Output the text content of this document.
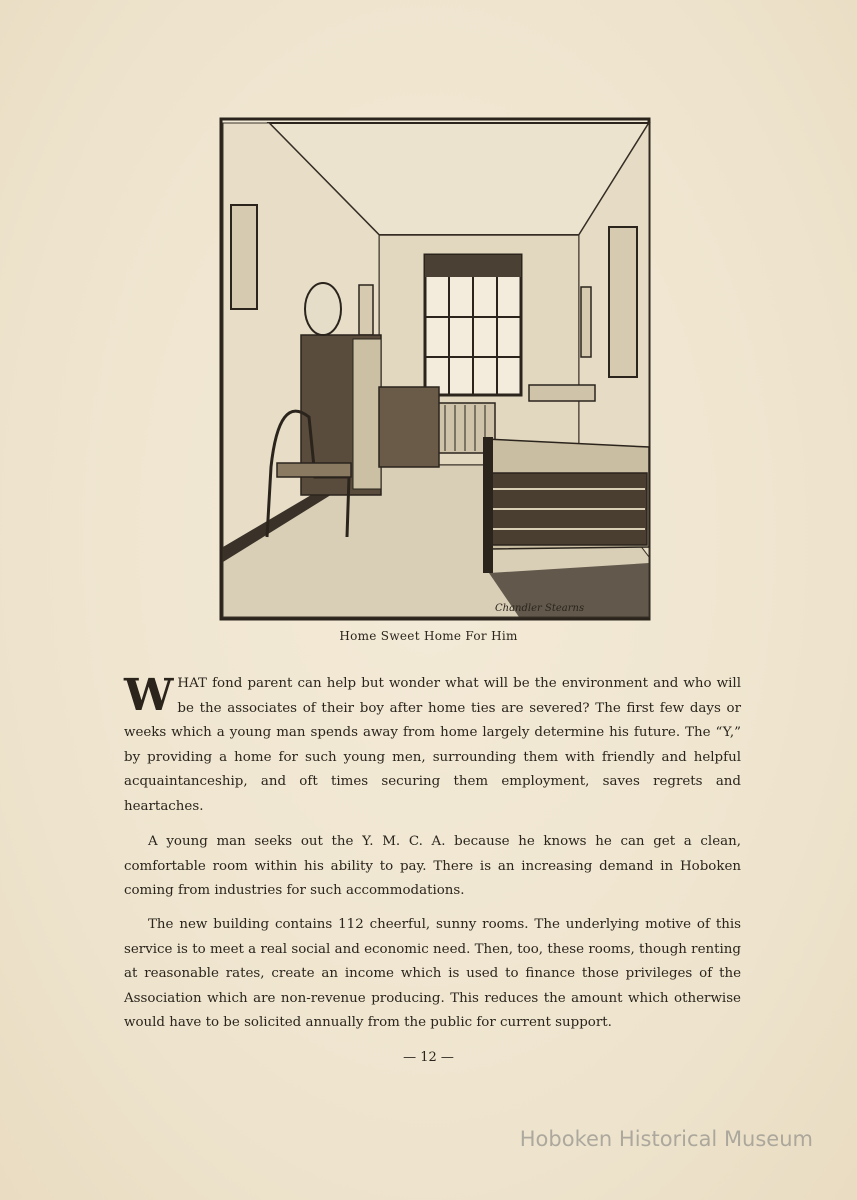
Chandler Stearns
Home Sweet Home For Him

WHAT fond parent can help but wonder what will be the environment and who will be the associates of their boy after home ties are severed? The first few days or weeks which a young man spends away from home largely determine his future. The “Y,” by providing a home for such young men, surrounding them with friendly and helpful acquaintanceship, and oft times securing them employment, saves regrets and heartaches.

A young man seeks out the Y. M. C. A. because he knows he can get a clean, comfortable room within his ability to pay. There is an increasing demand in Hoboken coming from industries for such accommodations.

The new building contains 112 cheerful, sunny rooms. The underlying motive of this service is to meet a real social and economic need. Then, too, these rooms, though renting at reasonable rates, create an income which is used to finance those privileges of the Association which are non-revenue producing. This reduces the amount which otherwise would have to be solicited annually from the public for current support.

— 12 —
Hoboken Historical Museum
